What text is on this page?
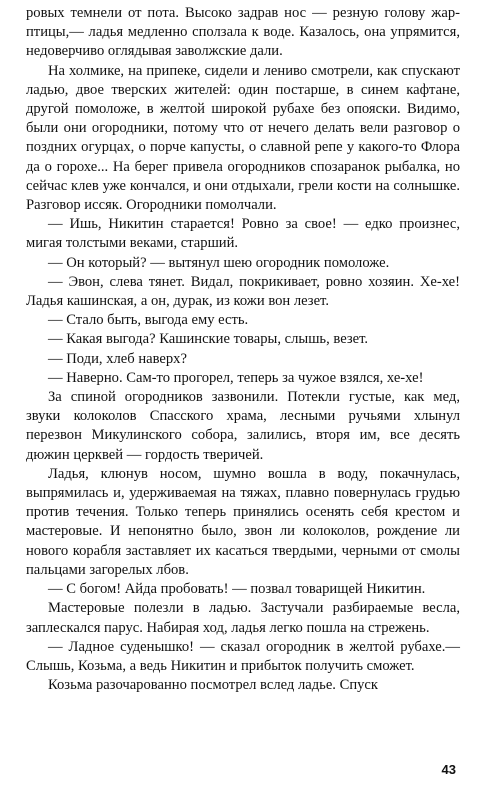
ровых темнели от пота. Высоко задрав нос — резную голову жар-птицы,— ладья медленно сползала к воде. Казалось, она упрямится, недоверчиво оглядывая заволжские дали.

На холмике, на припеке, сидели и лениво смотрели, как спускают ладью, двое тверских жителей: один постарше, в синем кафтане, другой помоложе, в желтой широкой рубахе без опояски. Видимо, были они огородники, потому что от нечего делать вели разговор о поздних огурцах, о порче капусты, о славной репе у какого-то Флора да о горохе... На берег привела огородников спозаранок рыбалка, но сейчас клев уже кончался, и они отдыхали, грели кости на солнышке. Разговор иссяк. Огородники помолчали.

— Ишь, Никитин старается! Ровно за свое! — едко произнес, мигая толстыми веками, старший.

— Он который? — вытянул шею огородник помоложе.

— Эвон, слева тянет. Видал, покрикивает, ровно хозяин. Хе-хе! Ладья кашинская, а он, дурак, из кожи вон лезет.

— Стало быть, выгода ему есть.

— Какая выгода? Кашинские товары, слышь, везет.

— Поди, хлеб наверх?

— Наверно. Сам-то прогорел, теперь за чужое взялся, хе-хе!

За спиной огородников зазвонили. Потекли густые, как мед, звуки колоколов Спасского храма, лесными ручьями хлынул перезвон Микулинского собора, залились, вторя им, все десять дюжин церквей — гордость тверичей.

Ладья, клюнув носом, шумно вошла в воду, покачнулась, выпрямилась и, удерживаемая на тяжах, плавно повернулась грудью против течения. Только теперь принялись осенять себя крестом и мастеровые. И непонятно было, звон ли колоколов, рождение ли нового корабля заставляет их касаться твердыми, черными от смолы пальцами загорелых лбов.

— С богом! Айда пробовать! — позвал товарищей Никитин.

Мастеровые полезли в ладью. Застучали разбираемые весла, заплескался парус. Набирая ход, ладья легко пошла на стрежень.

— Ладное суденышко! — сказал огородник в желтой рубахе.— Слышь, Козьма, а ведь Никитин и прибыток получить сможет.

Козьма разочарованно посмотрел вслед ладье. Спуск

43
